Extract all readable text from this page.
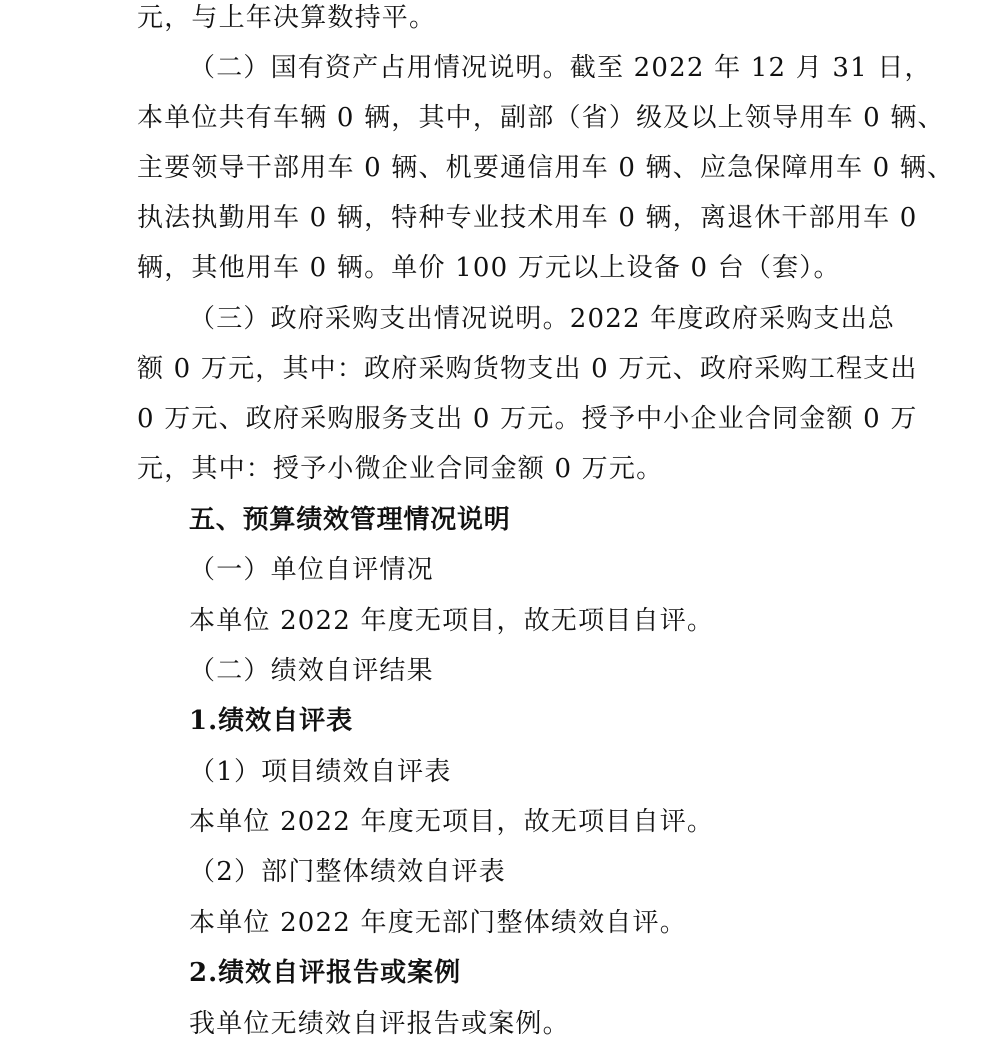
元，与上年决算数持平。
（二）国有资产占用情况说明。截至 2022 年 12 月 31 日，
本单位共有车辆 0 辆，其中，副部（省）级及以上领导用车 0 辆、
主要领导干部用车 0 辆、机要通信用车 0 辆、应急保障用车 0 辆、
执法执勤用车 0 辆，特种专业技术用车 0 辆，离退休干部用车 0
辆，其他用车 0 辆。单价 100 万元以上设备 0 台（套）。
（三）政府采购支出情况说明。2022 年度政府采购支出总
额 0 万元，其中：政府采购货物支出 0 万元、政府采购工程支出
0 万元、政府采购服务支出 0 万元。授予中小企业合同金额 0 万
元，其中：授予小微企业合同金额 0 万元。
五、预算绩效管理情况说明
（一）单位自评情况
本单位 2022 年度无项目，故无项目自评。
（二）绩效自评结果
1.绩效自评表
（1）项目绩效自评表
本单位 2022 年度无项目，故无项目自评。
（2）部门整体绩效自评表
本单位 2022 年度无部门整体绩效自评。
2.绩效自评报告或案例
我单位无绩效自评报告或案例。
